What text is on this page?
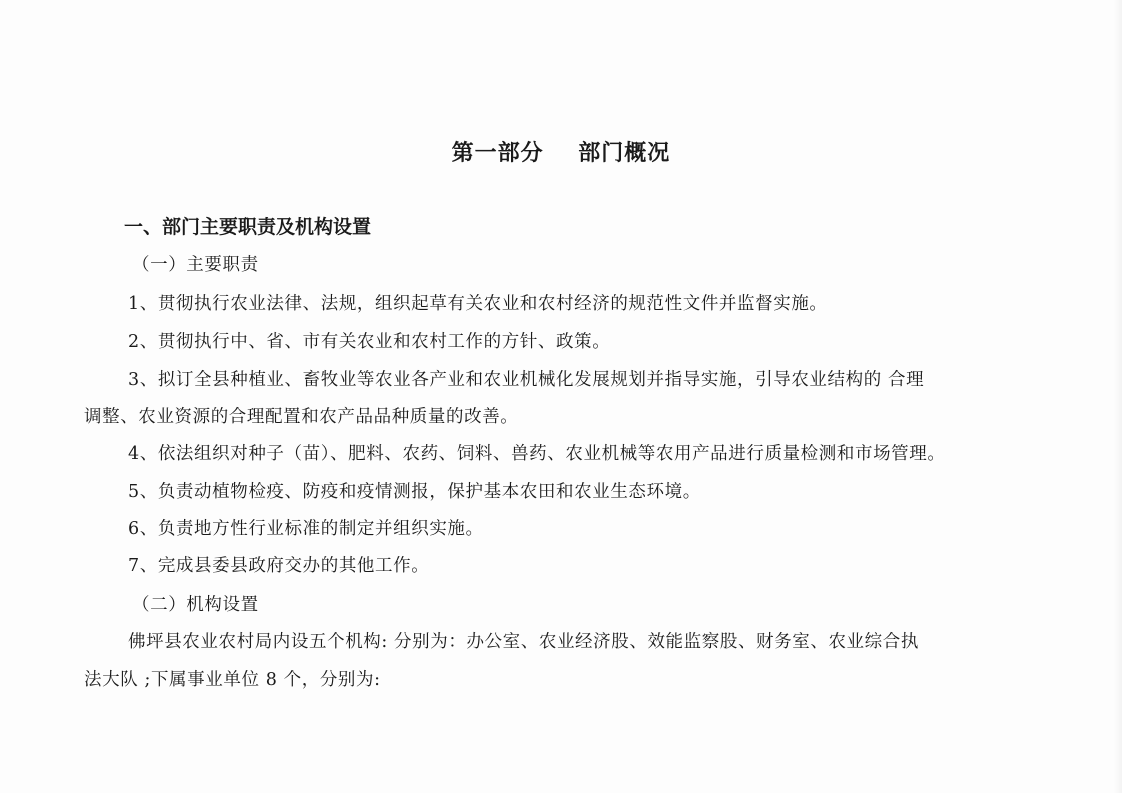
第一部分    部门概况
一、部门主要职责及机构设置
（一）主要职责
1、贯彻执行农业法律、法规，组织起草有关农业和农村经济的规范性文件并监督实施。
2、贯彻执行中、省、市有关农业和农村工作的方针、政策。
3、拟订全县种植业、畜牧业等农业各产业和农业机械化发展规划并指导实施，引导农业结构的 合理
调整、农业资源的合理配置和农产品品种质量的改善。
4、依法组织对种子（苗）、肥料、农药、饲料、兽药、农业机械等农用产品进行质量检测和市场管理。
5、负责动植物检疫、防疫和疫情测报，保护基本农田和农业生态环境。
6、负责地方性行业标准的制定并组织实施。
7、完成县委县政府交办的其他工作。
（二）机构设置
佛坪县农业农村局内设五个机构: 分别为：办公室、农业经济股、效能监察股、财务室、农业综合执
法大队 ;下属事业单位 8 个，分别为:
